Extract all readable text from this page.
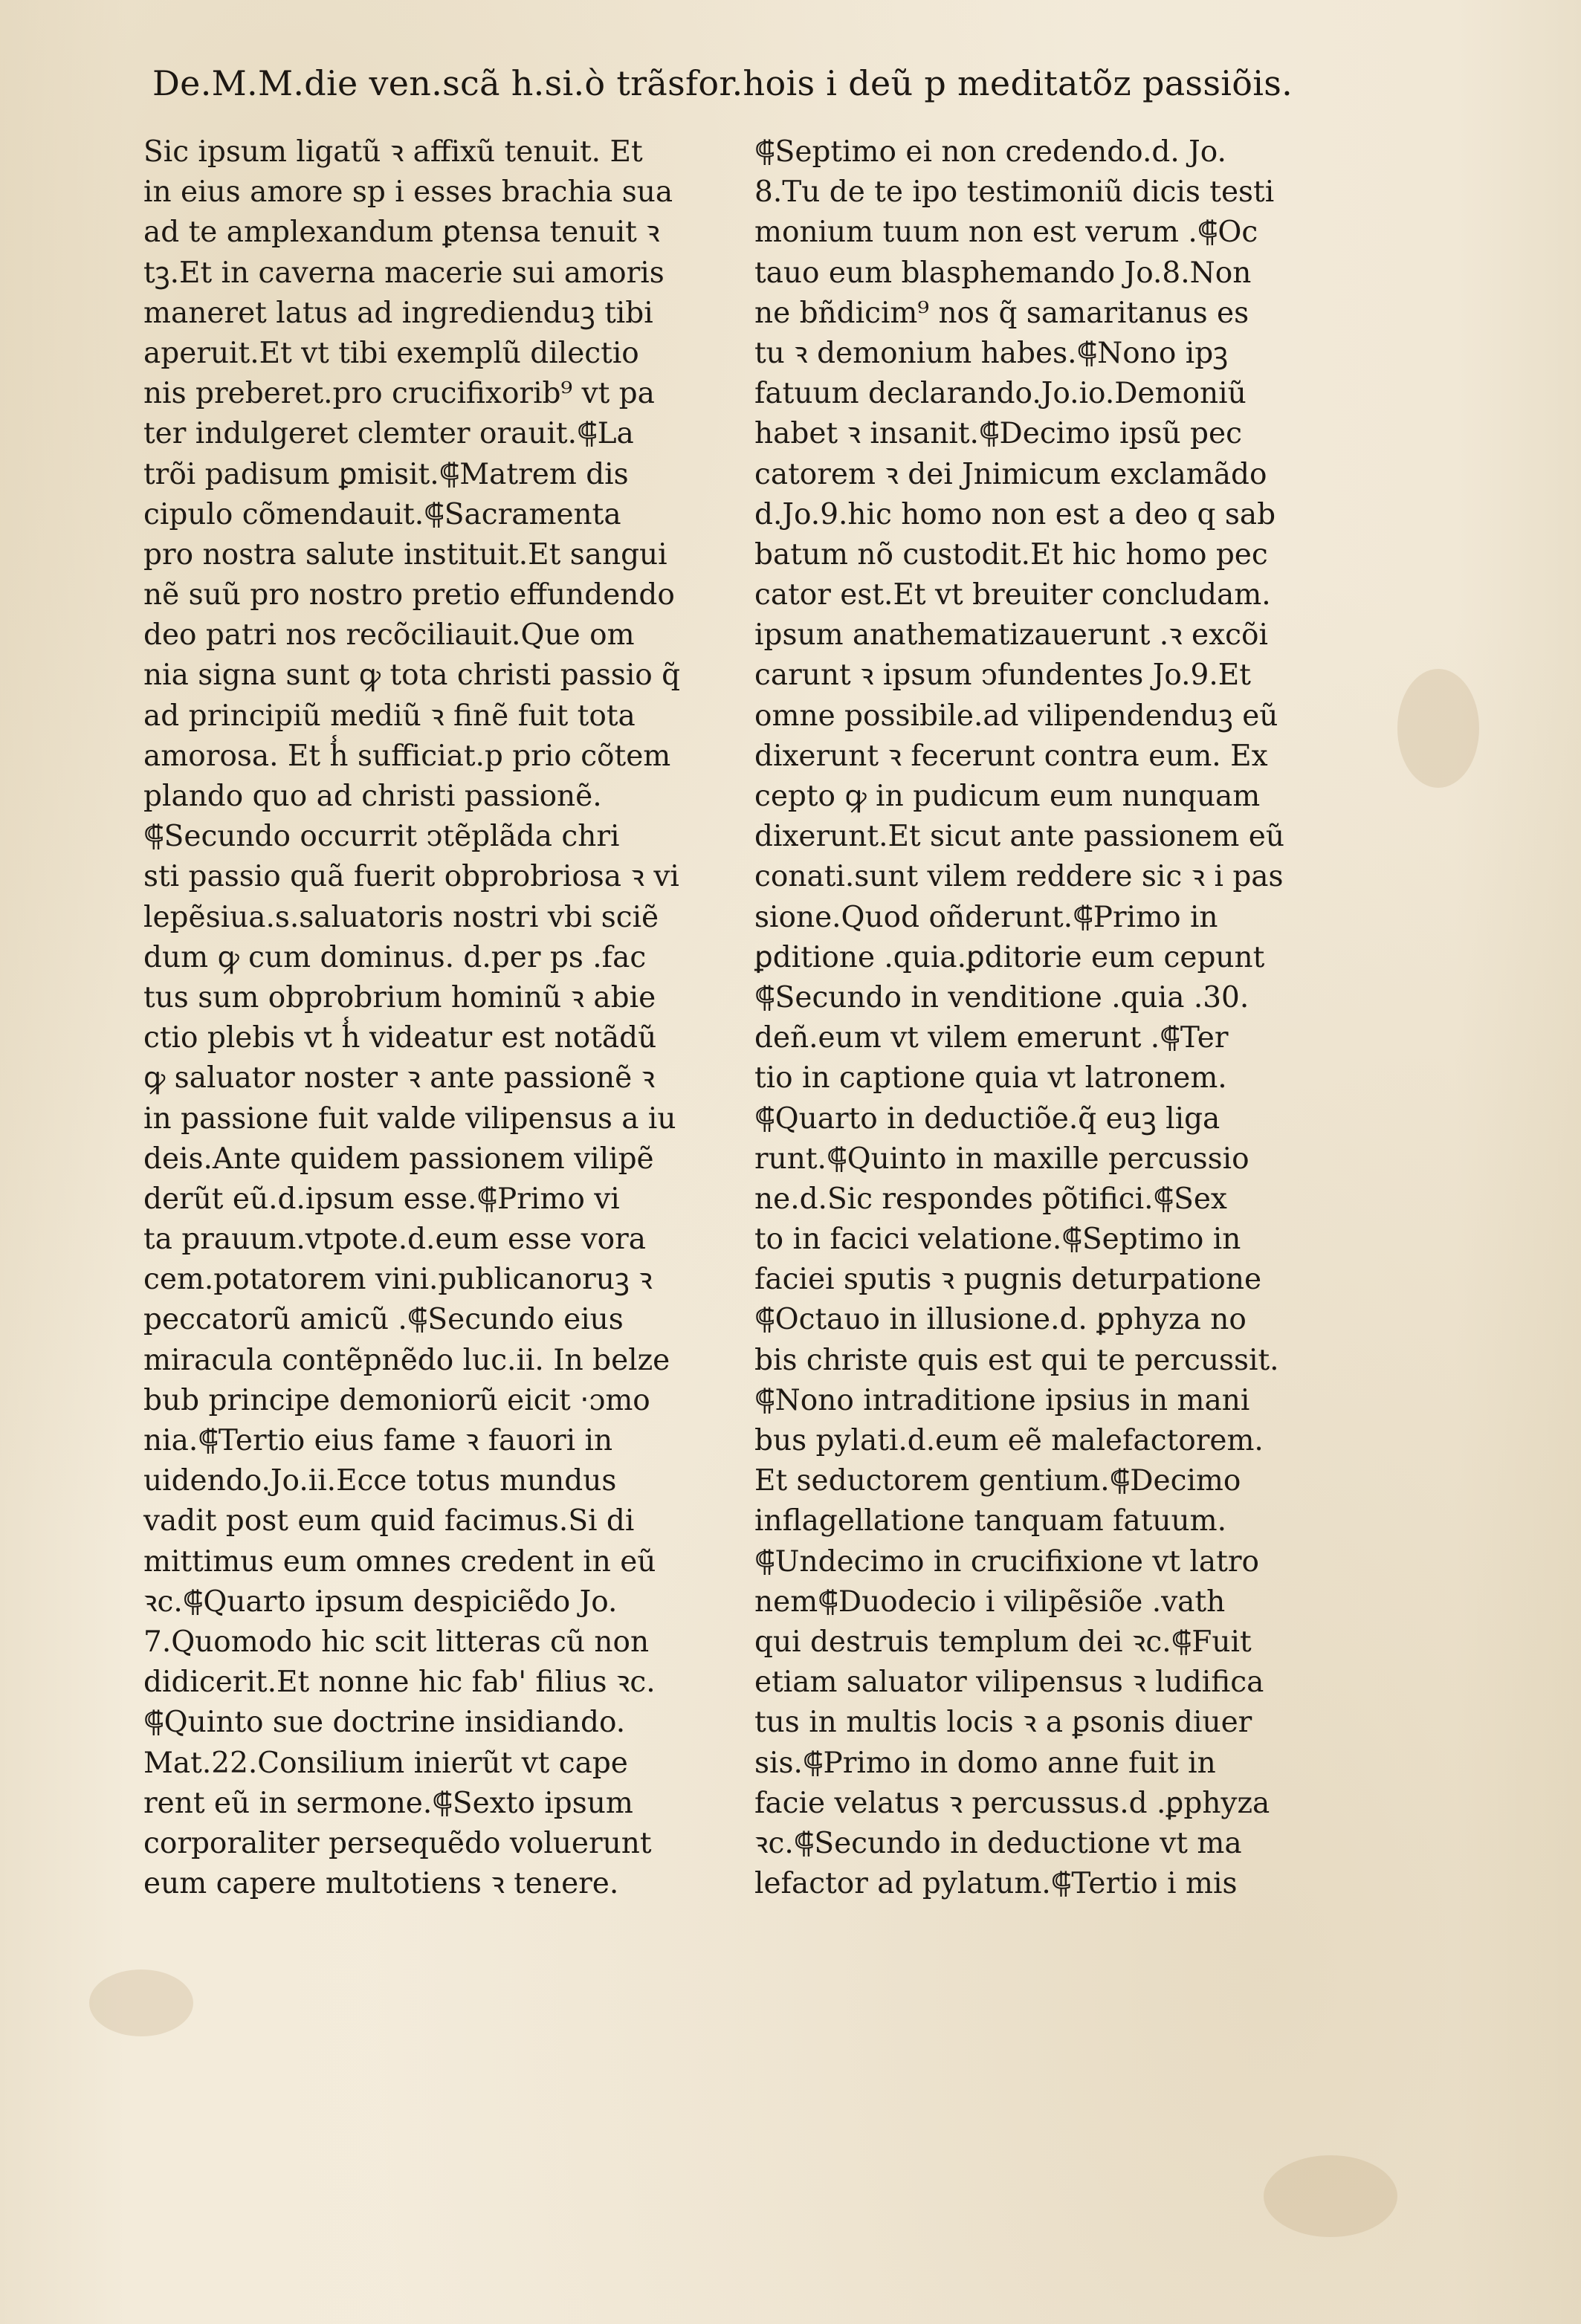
De.M.M.die ven.scã h.si.ò trãsfor.hois i deũ p meditatõz passiõis.
Sic ipsum ligatũ ꝛ affixũ tenuit. Et
in eius amore sp i esses brachia sua
ad te amplexandum ꝑtensa tenuit ꝛ
tꝫ.Et in caverna macerie sui amoris
maneret latus ad ingredienduꝫ tibi
aperuit.Et vt tibi exemplũ dilectio
nis preberet.pro crucifixorib⁹ vt pa
ter indulgeret clemter orauit.⸿La
trõi padisum ꝑmisit.⸿Matrem dis
cipulo cõmendauit.⸿Sacramenta
pro nostra salute instituit.Et sangui
nẽ suũ pro nostro pretio effundendo
deo patri nos recõciliauit.Que om
nia signa sunt ꝙ tota christi passio q̃
ad principiũ mediũ ꝛ finẽ fuit tota
amorosa. Et h̾ sufficiat.p prio cõtem
plando quo ad christi passionẽ.
⸿Secundo occurrit ↄtẽplãda chri
sti passio quã fuerit obprobriosa ꝛ vi
lepẽsiua.s.saluatoris nostri vbi sciẽ
dum ꝙ cum dominus. d.per ps .fac
tus sum obprobrium hominũ ꝛ abie
ctio plebis vt h̾ videatur est notãdũ
ꝙ saluator noster ꝛ ante passionẽ ꝛ
in passione fuit valde vilipensus a iu
deis.Ante quidem passionem vilipẽ
derũt eũ.d.ipsum esse.⸿Primo vi
ta prauum.vtpote.d.eum esse vora
cem.potatorem vini.publicanoruꝫ ꝛ
peccatorũ amicũ .⸿Secundo eius
miracula contẽpnẽdo luc.ii. In belze
bub principe demoniorũ eicit ‧ɔmo
nia.⸿Tertio eius fame ꝛ fauori in
uidendo.Jo.ii.Ecce totus mundus
vadit post eum quid facimus.Si di
mittimus eum omnes credent in eũ
ꝛc.⸿Quarto ipsum despiciẽdo Jo.
7.Quomodo hic scit litteras cũ non
didicerit.Et nonne hic fab' filius ꝛc.
⸿Quinto sue doctrine insidiando.
Mat.22.Consilium inierũt vt cape
rent eũ in sermone.⸿Sexto ipsum
corporaliter persequẽdo voluerunt
eum capere multotiens ꝛ tenere.
⸿Septimo ei non credendo.d. Jo.
8.Tu de te ipo testimoniũ dicis testi
monium tuum non est verum .⸿Oc
tauo eum blasphemando Jo.8.Non
ne bñdicim⁹ nos q̃ samaritanus es
tu ꝛ demonium habes.⸿Nono ipꝫ
fatuum declarando.Jo.io.Demoniũ
habet ꝛ insanit.⸿Decimo ipsũ pec
catorem ꝛ dei Jnimicum exclamãdo
d.Jo.9.hic homo non est a deo q sab
batum nõ custodit.Et hic homo pec
cator est.Et vt breuiter concludam.
ipsum anathematizauerunt .ꝛ excõi
carunt ꝛ ipsum ↄfundentes Jo.9.Et
omne possibile.ad vilipendenduꝫ eũ
dixerunt ꝛ fecerunt contra eum. Ex
cepto ꝙ in pudicum eum nunquam
dixerunt.Et sicut ante passionem eũ
conati.sunt vilem reddere sic ꝛ i pas
sione.Quod oñderunt.⸿Primo in
ꝑditione .quia.ꝑditorie eum cepunt
⸿Secundo in venditione .quia .30.
deñ.eum vt vilem emerunt .⸿Ter
tio in captione quia vt latronem.
⸿Quarto in deductiõe.q̃ euꝫ liga
runt.⸿Quinto in maxille percussio
ne.d.Sic respondes põtifici.⸿Sex
to in facici velatione.⸿Septimo in
faciei sputis ꝛ pugnis deturpatione
⸿Octauo in illusione.d. ꝑphyza no
bis christe quis est qui te percussit.
⸿Nono intraditione ipsius in mani
bus pylati.d.eum eẽ malefactorem.
Et seductorem gentium.⸿Decimo
inflagellatione tanquam fatuum.
⸿Undecimo in crucifixione vt latro
nem⸿Duodecio i vilipẽsiõe .vath
qui destruis templum dei ꝛc.⸿Fuit
etiam saluator vilipensus ꝛ ludifica
tus in multis locis ꝛ a ꝑsonis diuer
sis.⸿Primo in domo anne fuit in
facie velatus ꝛ percussus.d .ꝑphyza
ꝛc.⸿Secundo in deductione vt ma
lefactor ad pylatum.⸿Tertio i mis
